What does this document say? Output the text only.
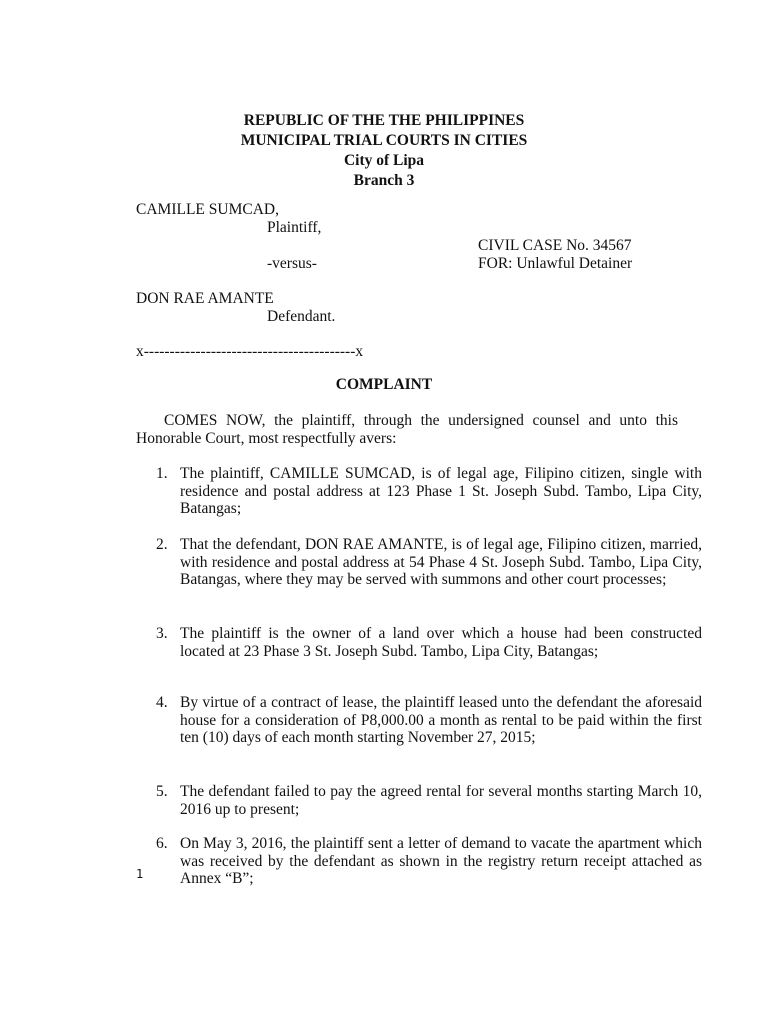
REPUBLIC OF THE THE PHILIPPINES
MUNICIPAL TRIAL COURTS IN CITIES
City of Lipa
Branch 3
CAMILLE SUMCAD,
Plaintiff,
CIVIL CASE No. 34567
-versus-	FOR: Unlawful Detainer
DON RAE AMANTE
Defendant.
x-----------------------------------------x
COMPLAINT

COMES NOW, the plaintiff, through the undersigned counsel and unto this Honorable Court, most respectfully avers:

1. The plaintiff, CAMILLE SUMCAD, is of legal age, Filipino citizen, single with residence and postal address at 123 Phase 1 St. Joseph Subd. Tambo, Lipa City, Batangas;

2. That the defendant, DON RAE AMANTE, is of legal age, Filipino citizen, married, with residence and postal address at 54 Phase 4 St. Joseph Subd. Tambo, Lipa City, Batangas, where they may be served with summons and other court processes;

3. The plaintiff is the owner of a land over which a house had been constructed located at 23 Phase 3 St. Joseph Subd. Tambo, Lipa City, Batangas;

4. By virtue of a contract of lease, the plaintiff leased unto the defendant the aforesaid house for a consideration of P8,000.00 a month as rental to be paid within the first ten (10) days of each month starting November 27, 2015;

5. The defendant failed to pay the agreed rental for several months starting March 10, 2016 up to present;

6. On May 3, 2016, the plaintiff sent a letter of demand to vacate the apartment which was received by the defendant as shown in the registry return receipt attached as Annex “B”;

1
